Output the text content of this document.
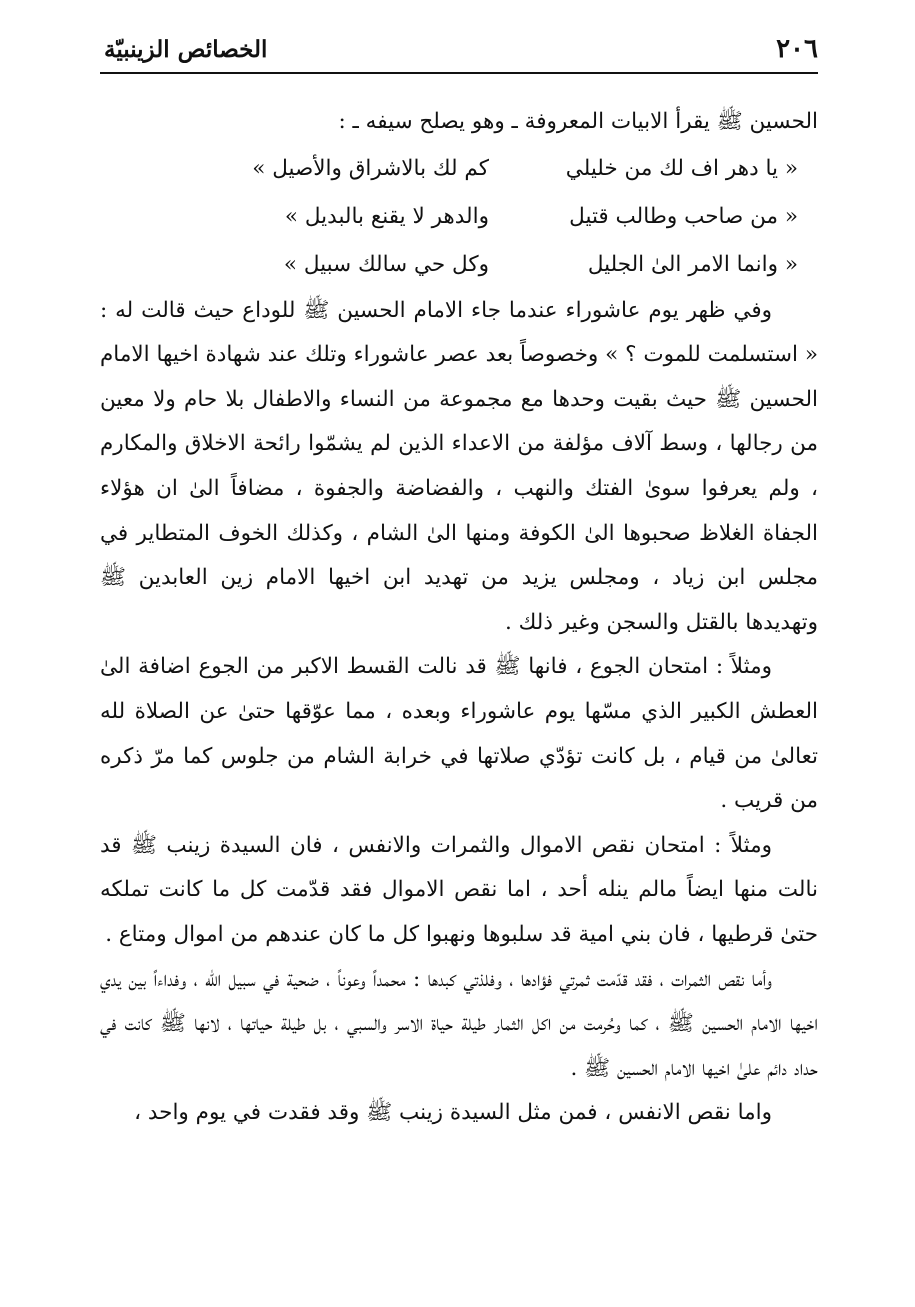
٢٠٦
الخصائص الزينبيّة

الحسين ﷺ يقرأ الابيات المعروفة ـ وهو يصلح سيفه ـ :

« يا دهر اف لك من خليلي
كم لك بالاشراق والأصيل »
« من صاحب وطالب قتيل
والدهر لا يقنع بالبديل »
« وانما الامر الىٰ الجليل
وكل حي سالك سبيل »

وفي ظهر يوم عاشوراء عندما جاء الامام الحسين ﷺ للوداع حيث قالت له : « استسلمت للموت ؟ » وخصوصاً بعد عصر عاشوراء وتلك عند شهادة اخيها الامام الحسين ﷺ حيث بقيت وحدها مع مجموعة من النساء والاطفال بلا حام ولا معين من رجالها ، وسط آلاف مؤلفة من الاعداء الذين لم يشمّوا رائحة الاخلاق والمكارم ، ولم يعرفوا سوىٰ الفتك والنهب ، والفضاضة والجفوة ، مضافاً الىٰ ان هؤلاء الجفاة الغلاظ صحبوها الىٰ الكوفة ومنها الىٰ الشام ، وكذلك الخوف المتطاير في مجلس ابن زياد ، ومجلس يزيد من تهديد ابن اخيها الامام زين العابدين ﷺ وتهديدها بالقتل والسجن وغير ذلك .

ومثلاً : امتحان الجوع ، فانها ﷺ قد نالت القسط الاكبر من الجوع اضافة الىٰ العطش الكبير الذي مسّها يوم عاشوراء وبعده ، مما عوّقها حتىٰ عن الصلاة لله تعالىٰ من قيام ، بل كانت تؤدّي صلاتها في خرابة الشام من جلوس كما مرّ ذكره من قريب .

ومثلاً : امتحان نقص الاموال والثمرات والانفس ، فان السيدة زينب ﷺ قد نالت منها ايضاً مالم ينله أحد ، اما نقص الاموال فقد قدّمت كل ما كانت تملكه حتىٰ قرطيها ، فان بني امية قد سلبوها ونهبوا كل ما كان عندهم من اموال ومتاع .

وأما نقص الثمرات ، فقد قدّمت ثمرتي فؤادها ، وفلذتي كبدها : محمداً وعوناً ، ضحية في سبيل الله ، وفداءاً بين يدي اخيها الامام الحسين ﷺ ، كما وحُرمت من اكل الثمار طيلة حياة الاسر والسبي ، بل طيلة حياتها ، لانها ﷺ كانت في حداد دائم علىٰ اخيها الامام الحسين ﷺ .

واما نقص الانفس ، فمن مثل السيدة زينب ﷺ وقد فقدت في يوم واحد ،
